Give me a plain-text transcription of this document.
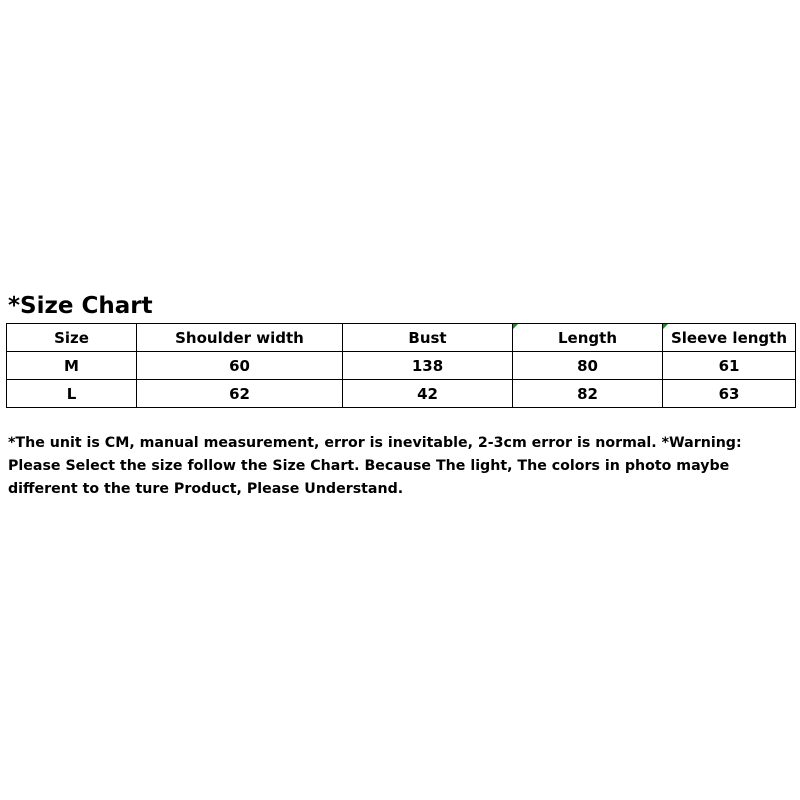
*Size Chart
Size	Shoulder width	Bust	Length	Sleeve length
M	60	138	80	61
L	62	42	82	63
*The unit is CM, manual measurement, error is inevitable, 2-3cm error is normal. *Warning:
Please Select the size follow the Size Chart. Because The light, The colors in photo maybe
different to the ture Product, Please Understand.
